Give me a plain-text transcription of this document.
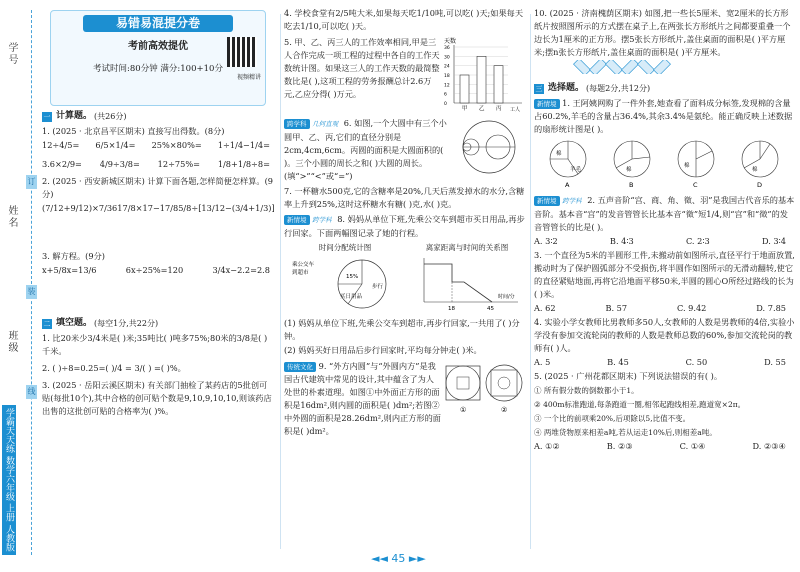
学号
姓名
班级
订
装
线
学霸天天练 数学六年级 上册 人教版
易错易混提分卷
考前高效提优
考试时间:80分钟 满分:100+10分
视频精讲
一 计算题。 (共26分)
1. (2025 · 北京昌平区期末) 直接写出得数。(8分)
12÷4/5= 6/5×1/4= 25%×80%= 1÷1/4−1/4=
3.6×2/9= 4/9÷3/8= 12÷75%= 1/8+1/8÷8=
2. (2025 · 西安新城区期末) 计算下面各题,怎样简便怎样算。(9分)
(7/12+9/12)×7/36 17/8×17−17/8 5/8÷[13/12−(3/4+1/3)]
3. 解方程。(9分)
x+5/8x=13/6	6x÷25%=120	3/4x−2.2=2.8
二 填空题。 (每空1分,共22分)
1. 比20米少3/4米是( )米;35吨比( )吨多75%;80米的3/8是( )千米。
2. ( )÷8=0.25=( )/4 = 3/( ) =( )%。
3. (2025 · 岳阳云溪区期末) 有关部门抽检了某药店的5批创可贴(每批10个),其中合格的创可贴个数是9,10,9,10,10,则该药店出售的这批创可贴的合格率为( )%。
4. 学校食堂有2/5吨大米,如果每天吃1/10吨,可以吃( )天;如果每天吃去1/10,可以吃( )天。
5. 甲、乙、丙三人的工作效率相同,甲是三人合作完成一项工程的过程中各自的工作天数统计图。如果这三人的工作天数的最简整数比是( ),这项工程的劳务报酬总计2.6万元,乙应分得( )万元。
天数
0
6
12
18
24
30
36
甲 乙 丙 工人
跨学科 几何直观 6. 如图,一个大圆中有三个小圆甲、乙、丙,它们的直径分别是2cm,4cm,6cm。丙圆的面积是大圆面积的( )。三个小圆的周长之和( )大圆的周长。(填“>”“<”或“=”)
7. 一杯糖水500克,它的含糖率是20%,几天后蒸发掉水的水分,含糖率上升到25%,这时这杯糖水有糖( )克,水( )克。
新情境 跨学科 8. 妈妈从单位下班,先乘公交车到超市买日用品,再步行回家。下面两幅图记录了她的行程。
时间分配统计图
乘公交车
到超市
15%
买日用品
步行
离家距离与时间的关系图
18	45
时间/分
(1) 妈妈从单位下班,先乘公交车到超市,再步行回家,一共用了( )分钟。
(2) 妈妈买好日用品后步行回家时,平均每分钟走( )米。
传统文化 9. “外方内圆”与“外圆内方”是我国古代建筑中常见的设计,其中蕴含了为人处世的朴素道理。如图①中外面正方形的面积是16dm²,则内圆的面积是( )dm²;若图②中外圆的面积是28.26dm²,则内正方形的面积是( )dm²。
①	②
10. (2025 · 济南槐荫区期末) 如图,把一些长5厘米、宽2厘米的长方形纸片按照图所示的方式摆在桌子上,在两张长方形纸片之间都要重叠一个边长为1厘米的正方形。摆5张长方形纸片,盖住桌面的面积是( )平方厘米;摆n张长方形纸片,盖住桌面的面积是( )平方厘米。
三 选择题。 (每题2分,共12分)
新情境 1. 王阿姨网购了一件外套,她查看了面料成分标签,发现棉的含量占60.2%,羊毛的含量占36.4%,其余3.4%是氨纶。能正确反映上述数据的扇形统计图是( )。
棉
羊毛	棉
棉
棉
A	B	C	D
新情境 跨学科 2. 五声音阶“宫、商、角、徵、羽”是我国古代音乐的基本音阶。基本音“宫”的发音管管长比基本音“徵”短1/4,则“宫”和“徵”的发音管管长的比是( )。
A. 3∶2	B. 4∶3	C. 2∶3	D. 3∶4
3. 一个直径为5米的半圆形工件,未搬动前如图所示,直径平行于地面放置,搬动时为了保护圆弧部分不受损伤,将半圆作如图所示的无滑动翻转,使它的直径紧贴地面,再将它沿地面平移50米,半圆的圆心O所经过路线的长为( )米。
A. 62	B. 57	C. 9.42	D. 7.85
4. 实验小学女教师比男教师多50人,女教师的人数是男教师的4倍,实验小学没有参加交流轮岗的教师的人数是教师总数的60%,参加交流轮岗的教师有( )人。
A. 5	B. 45	C. 50	D. 55
5. (2025 · 广州花都区期末) 下列说法错误的有( )。
① 所有假分数的倒数都小于1。
② 400m标准跑道,每条跑道一圈,相邻起跑线相差,跑道宽×2π。
③ 一个比的前项乘20%,后项除以5,比值不变。
④ 两堆货物原来相差a吨,若从运走10%后,则相差a吨。
A. ①②	B. ②③	C. ①④	D. ②③④
◄◄ 45 ►►
